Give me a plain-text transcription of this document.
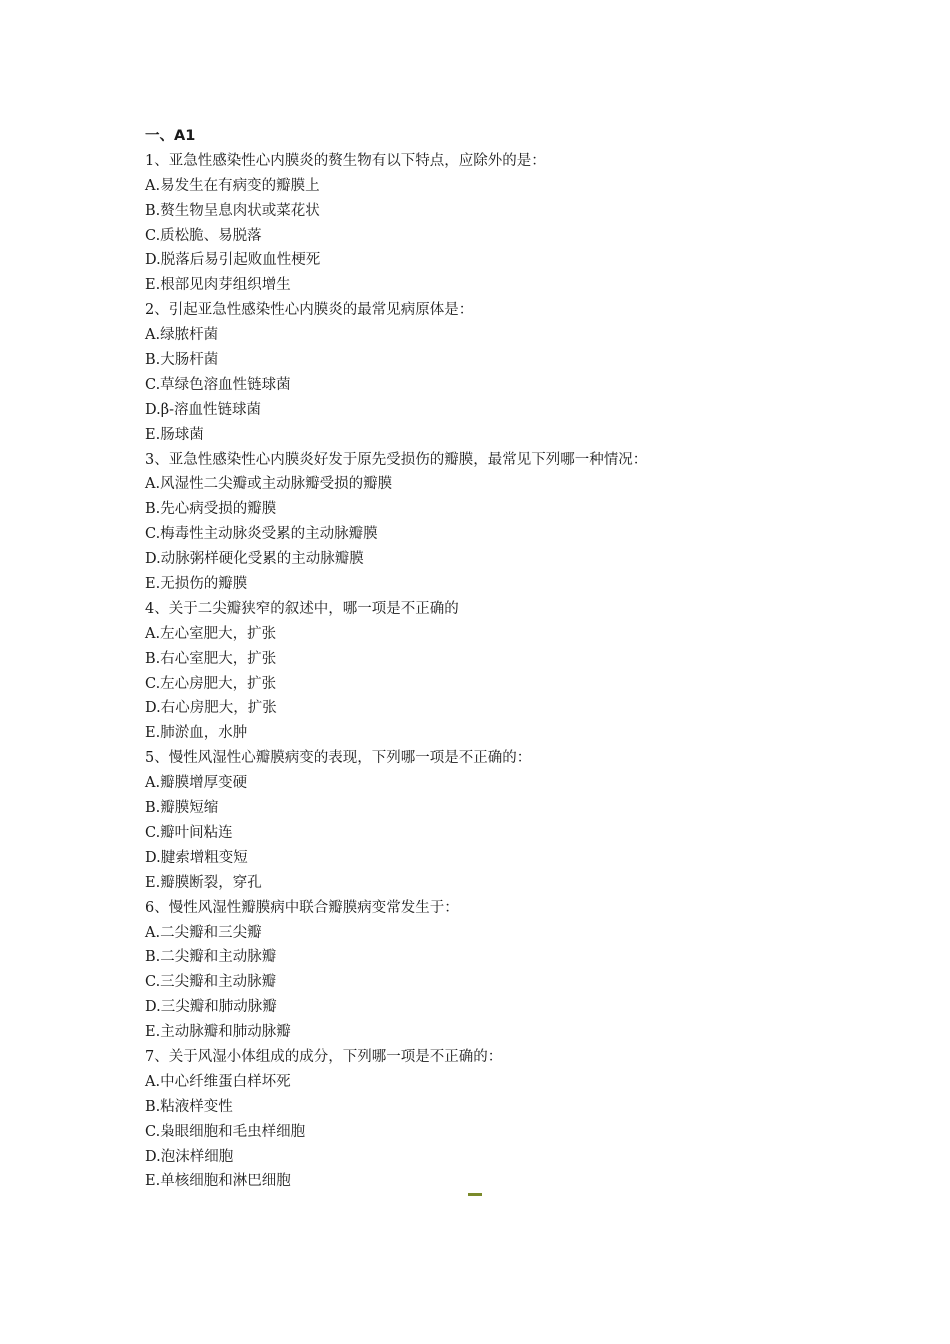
一、A1
1、亚急性感染性心内膜炎的赘生物有以下特点，应除外的是：
A.易发生在有病变的瓣膜上
B.赘生物呈息肉状或菜花状
C.质松脆、易脱落
D.脱落后易引起败血性梗死
E.根部见肉芽组织增生
2、引起亚急性感染性心内膜炎的最常见病原体是：
A.绿脓杆菌
B.大肠杆菌
C.草绿色溶血性链球菌
D.β-溶血性链球菌
E.肠球菌
3、亚急性感染性心内膜炎好发于原先受损伤的瓣膜，最常见下列哪一种情况：
A.风湿性二尖瓣或主动脉瓣受损的瓣膜
B.先心病受损的瓣膜
C.梅毒性主动脉炎受累的主动脉瓣膜
D.动脉粥样硬化受累的主动脉瓣膜
E.无损伤的瓣膜
4、关于二尖瓣狭窄的叙述中，哪一项是不正确的
A.左心室肥大，扩张
B.右心室肥大，扩张
C.左心房肥大，扩张
D.右心房肥大，扩张
E.肺淤血，水肿
5、慢性风湿性心瓣膜病变的表现，下列哪一项是不正确的：
A.瓣膜增厚变硬
B.瓣膜短缩
C.瓣叶间粘连
D.腱索增粗变短
E.瓣膜断裂，穿孔
6、慢性风湿性瓣膜病中联合瓣膜病变常发生于：
A.二尖瓣和三尖瓣
B.二尖瓣和主动脉瓣
C.三尖瓣和主动脉瓣
D.三尖瓣和肺动脉瓣
E.主动脉瓣和肺动脉瓣
7、关于风湿小体组成的成分，下列哪一项是不正确的：
A.中心纤维蛋白样坏死
B.粘液样变性
C.枭眼细胞和毛虫样细胞
D.泡沫样细胞
E.单核细胞和淋巴细胞
